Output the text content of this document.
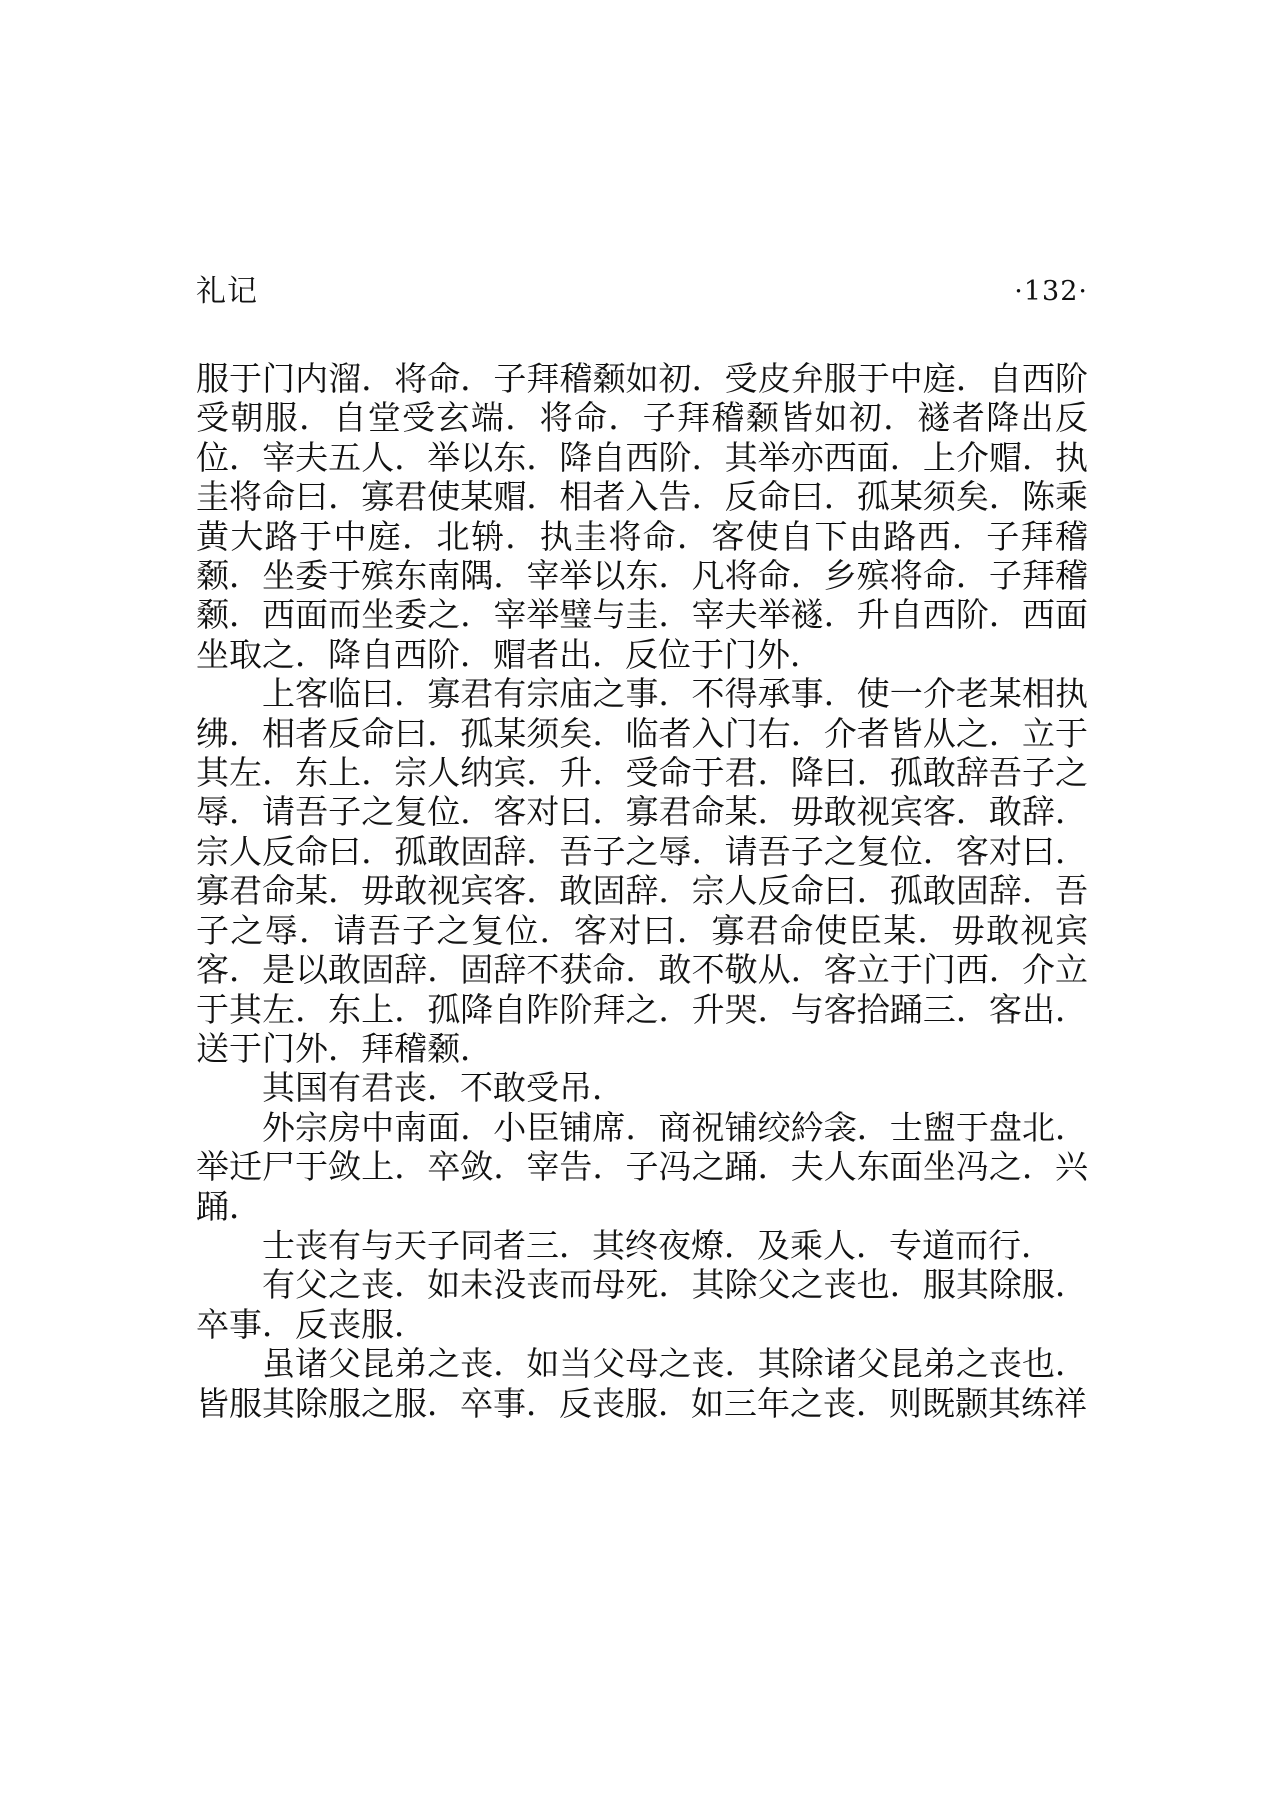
礼记	·132·

服于门内溜．将命．子拜稽颡如初．受皮弁服于中庭．自西阶受朝服．自堂受玄端．将命．子拜稽颡皆如初．襚者降出反位．宰夫五人．举以东．降自西阶．其举亦西面．上介赗．执圭将命曰．寡君使某赗．相者入告．反命曰．孤某须矣．陈乘黄大路于中庭．北辀．执圭将命．客使自下由路西．子拜稽颡．坐委于殡东南隅．宰举以东．凡将命．乡殡将命．子拜稽颡．西面而坐委之．宰举璧与圭．宰夫举襚．升自西阶．西面坐取之．降自西阶．赗者出．反位于门外．

上客临曰．寡君有宗庙之事．不得承事．使一介老某相执绋．相者反命曰．孤某须矣．临者入门右．介者皆从之．立于其左．东上．宗人纳宾．升．受命于君．降曰．孤敢辞吾子之辱．请吾子之复位．客对曰．寡君命某．毋敢视宾客．敢辞．宗人反命曰．孤敢固辞．吾子之辱．请吾子之复位．客对曰．寡君命某．毋敢视宾客．敢固辞．宗人反命曰．孤敢固辞．吾子之辱．请吾子之复位．客对曰．寡君命使臣某．毋敢视宾客．是以敢固辞．固辞不获命．敢不敬从．客立于门西．介立于其左．东上．孤降自阼阶拜之．升哭．与客拾踊三．客出．送于门外．拜稽颡．

其国有君丧．不敢受吊．

外宗房中南面．小臣铺席．商祝铺绞紟衾．士盥于盘北．举迁尸于敛上．卒敛．宰告．子冯之踊．夫人东面坐冯之．兴踊．

士丧有与天子同者三．其终夜燎．及乘人．专道而行．

有父之丧．如未没丧而母死．其除父之丧也．服其除服．卒事．反丧服．

虽诸父昆弟之丧．如当父母之丧．其除诸父昆弟之丧也．皆服其除服之服．卒事．反丧服．如三年之丧．则既颢其练祥
